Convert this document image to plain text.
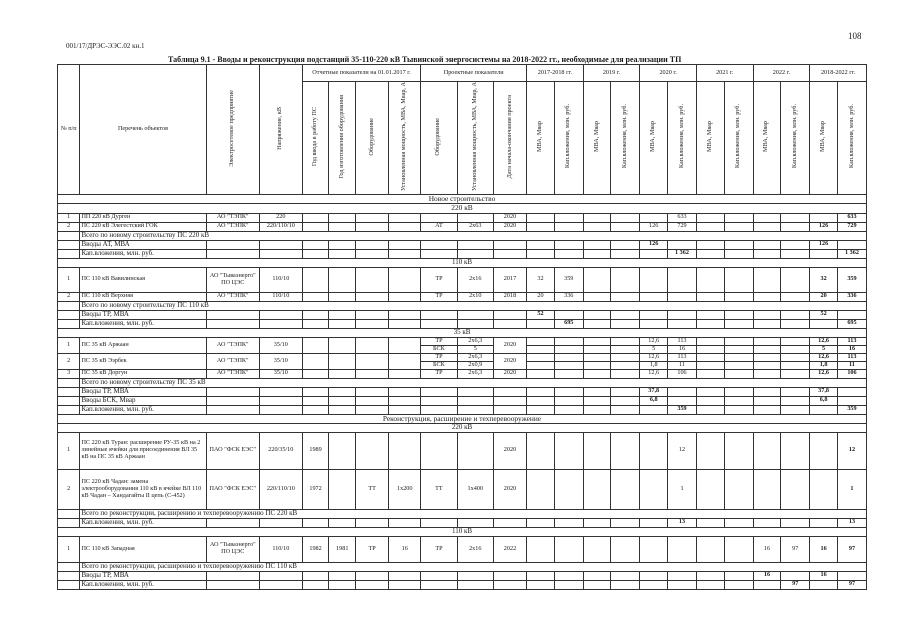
108
001/17/ДРЭС-ЭЭС.02 кн.1
Таблица 9.1 - Вводы и реконструкция подстанций 35-110-220 кВ Тывинской энергосистемы на 2018-2022 гг., необходимые для реализации ТП
№ п/п	Перечень объектов	Электросетевое предприятие	Напряжение, кВ	Отчетные показатели на 01.01.2017 г.				Проектные показатели			2017-2018 гг.		2019 г.		2020 г.		2021 г.		2022 г.		2018-2022 гг.	
				Год ввода в работу ПС	Год изготовления оборудования	Оборудование	Установленная мощность, МВА, Мвар, А	Оборудование	Установленная мощность, МВА, Мвар, А	Дата начала-окончания проекта	МВА, Мвар	Кап.вложения, млн. руб.	МВА, Мвар	Кап.вложения, млн. руб.	МВА, Мвар	Кап.вложения, млн. руб.	МВА, Мвар	Кап.вложения, млн. руб.	МВА, Мвар	Кап.вложения, млн. руб.	МВА, Мвар	Кап.вложения, млн. руб.
Новое строительство																						
220 кВ																						
1	ПП 220 кВ Дурген	АО "ТЭПК"	220							2020						633						633
2	ПС 220 кВ Элегестский ГОК	АО "ТЭПК"	220/110/10					АТ	2х63	2020					126	729					126	729
	Всего по новому строительству ПС 220 кВ																					
	Вводы АТ, МВА														126						126	
	Кап.вложения, млн. руб.															1 362						1 362
110 кВ																						
1	ПС 110 кВ Вавилинская	АО "Тываэнерго" ПО ЦЭС	110/10					ТР	2х16	2017	32	359									32	359
2	ПС 110 кВ Верхняя	АО "ТЭПК"	110/10					ТР	2х10	2018	20	336									20	336
	Всего по новому строительству ПС 110 кВ																					
	Вводы ТР, МВА										52										52	
	Кап.вложения, млн. руб.											695										695
35 кВ																						
1	ПС 35 кВ Аржаан	АО "ТЭПК"	35/10					ТР	2х6,3	2020					12,6	113					12,6	113
								БСК	5						5	16					5	16
2	ПС 35 кВ Ээрбек	АО "ТЭПК"	35/10					ТР	2х6,3	2020					12,6	113					12,6	113
								БСК	2х0,9						1,8	11					1,8	11
3	ПС 35 кВ Доргун	АО "ТЭПК"	35/10					ТР	2х6,3	2020					12,6	106					12,6	106
	Всего по новому строительству ПС 35 кВ																					
	Вводы ТР, МВА														37,8						37,8	
	Вводы БСК, Мвар														6,8						6,8	
	Кап.вложения, млн. руб.															359						359
Реконструкция, расширение и техперевооружение																						
220 кВ																						
1	ПС 220 кВ Туран: расширение РУ-35 кВ на 2 линейные ячейки для присоединения ВЛ 35 кВ на ПС 35 кВ Аржаан	ПАО "ФСК ЕЭС"	220/35/10	1989						2020						12						12
2	ПС 220 кВ Чадан: замена электрооборудования 110 кВ в ячейке ВЛ 110 кВ Чадан – Хандагайты II цепь (С-452)	ПАО "ФСК ЕЭС"	220/110/10	1972		ТТ	1х200	ТТ	1х400	2020						1						1
	Всего по реконструкции, расширению и техперевооружению ПС 220 кВ																					
	Кап.вложения, млн. руб.															13						13
110 кВ																						
1	ПС 110 кВ Западная	АО "Тываэнерго" ПО ЦЭС	110/10	1982	1981	ТР	16	ТР	2х16	2022									16	97	16	97
	Всего по реконструкции, расширению и техперевооружению ПС 110 кВ																					
	Вводы ТР, МВА																		16		16	
	Кап.вложения, млн. руб.																			97		97
